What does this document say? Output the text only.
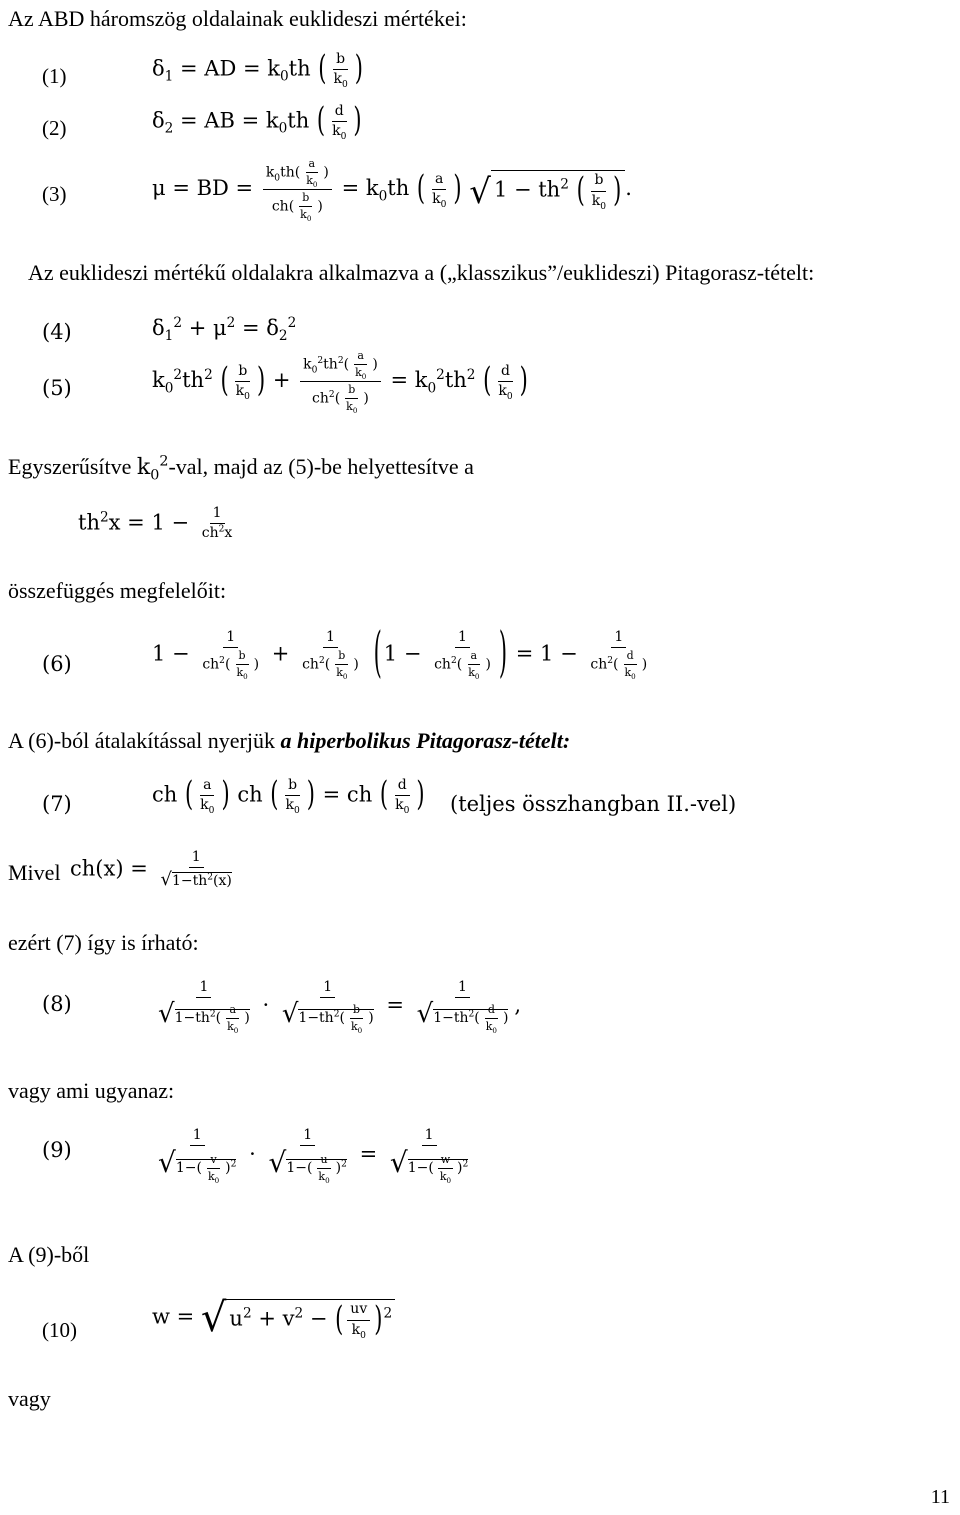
Az ABD háromszög oldalainak euklideszi mértékei:
(1)	$\delta_1$ = AD = $k_0th$ ( $\frac{b}{k_0}$ )
(2)	$\delta_2$ = AB = $k_0th$ ( $\frac{d}{k_0}$ )
(3)	μ = BD = $\frac{k_0th( \frac{a}{k_0} )}{ch( \frac{b}{k_0} )} = k_0th$ ( $\frac{a}{k_0}$ ) √ $1 - th^2$ ( $\frac{b}{k_0}$ ) .
Az euklideszi mértékű oldalakra alkalmazva a („klasszikus”/euklideszi) Pitagorasz-tételt:
(4)	$\delta_1^2 + \mu^2 = \delta_2^2$
(5)	$k_0^2th^2$ ( $\frac{b}{k_0}$ ) + $\frac{k_0^2th^2( \frac{a}{k_0} )}{ch^2( \frac{b}{k_0} )} = k_0^2th^2$ ( $\frac{d}{k_0}$ )
Egyszerűsítve $k_0^2$-val, majd az (5)-be helyettesítve a
$th^2x = 1 - \frac{1}{ch^2x}$
összefüggés megfelelőit:
(6)	$1 - \frac{1}{ch^2( \frac{b}{k_0} )} + \frac{1}{ch^2( \frac{b}{k_0} )} (1 - \frac{1}{ch^2( \frac{a}{k_0} )}$ ) = $1 - \frac{1}{ch^2( \frac{d}{k_0} )}$
A (6)-ból átalakítással nyerjük a hiperbolikus Pitagorasz-tételt:
(7)	ch ( $\frac{a}{k_0}$ ) ch ( $\frac{b}{k_0}$ ) = ch ( $\frac{d}{k_0}$ ) (teljes összhangban II.-vel)
Mivel $ch(x) = \frac{1}{√1-th^2(x)}$
ezért (7) így is írható:
(8)	$\frac{1}{√1-th^2( \frac{a}{k_0} )} \cdot \frac{1}{√1-th^2( \frac{b}{k_0} )} = \frac{1}{√1-th^2( \frac{d}{k_0} )}$ ,
vagy ami ugyanaz:
(9)	$\frac{1}{√1-( \frac{v}{k_0} )^2} \cdot \frac{1}{√1-( \frac{u}{k_0} )^2} = \frac{1}{√1-( \frac{w}{k_0} )^2}$
A (9)-ből
(10)
w = √ $u^2 + v^2$ − ( $\frac{uv}{k_0} )^2$
vagy
11
